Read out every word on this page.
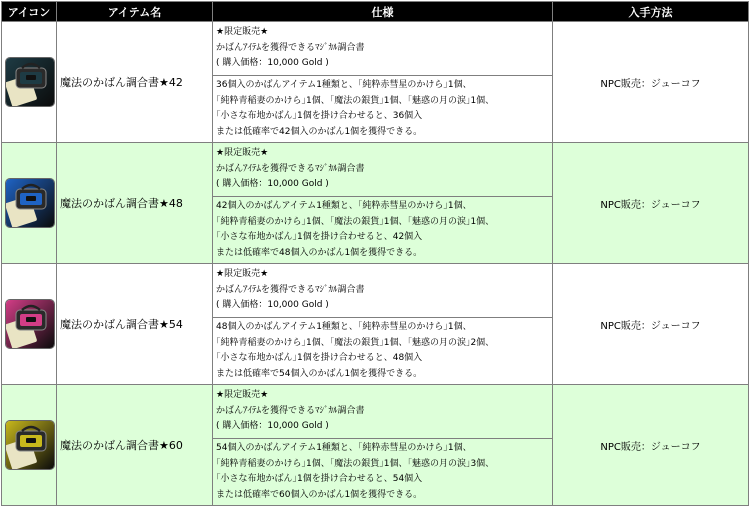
アイコン	アイテム名	仕様	入手方法

	魔法のかばん調合書★42	★限定販売★
かばんｱｲﾃﾑを獲得できるﾏｼﾞｶﾙ調合書
( 購入価格：10,000 Gold )	NPC販売：ジューコフ

		36個入のかばんアイテム1種類と、｢純粋赤彗星のかけら｣1個、
｢純粋青稲妻のかけら｣1個、｢魔法の銀貨｣1個、｢魅惑の月の涙｣1個、
｢小さな布地かばん｣1個を掛け合わせると、36個入
または低確率で42個入のかばん1個を獲得できる。	

	魔法のかばん調合書★48	★限定販売★
かばんｱｲﾃﾑを獲得できるﾏｼﾞｶﾙ調合書
( 購入価格：10,000 Gold )	NPC販売：ジューコフ

		42個入のかばんアイテム1種類と、｢純粋赤彗星のかけら｣1個、
｢純粋青稲妻のかけら｣1個、｢魔法の銀貨｣1個、｢魅惑の月の涙｣1個、
｢小さな布地かばん｣1個を掛け合わせると、42個入
または低確率で48個入のかばん1個を獲得できる。	

	魔法のかばん調合書★54	★限定販売★
かばんｱｲﾃﾑを獲得できるﾏｼﾞｶﾙ調合書
( 購入価格：10,000 Gold )	NPC販売：ジューコフ

		48個入のかばんアイテム1種類と、｢純粋赤彗星のかけら｣1個、
｢純粋青稲妻のかけら｣1個、｢魔法の銀貨｣1個、｢魅惑の月の涙｣2個、
｢小さな布地かばん｣1個を掛け合わせると、48個入
または低確率で54個入のかばん1個を獲得できる。	

	魔法のかばん調合書★60	★限定販売★
かばんｱｲﾃﾑを獲得できるﾏｼﾞｶﾙ調合書
( 購入価格：10,000 Gold )	NPC販売：ジューコフ

		54個入のかばんアイテム1種類と、｢純粋赤彗星のかけら｣1個、
｢純粋青稲妻のかけら｣1個、｢魔法の銀貨｣1個、｢魅惑の月の涙｣3個、
｢小さな布地かばん｣1個を掛け合わせると、54個入
または低確率で60個入のかばん1個を獲得できる。	
